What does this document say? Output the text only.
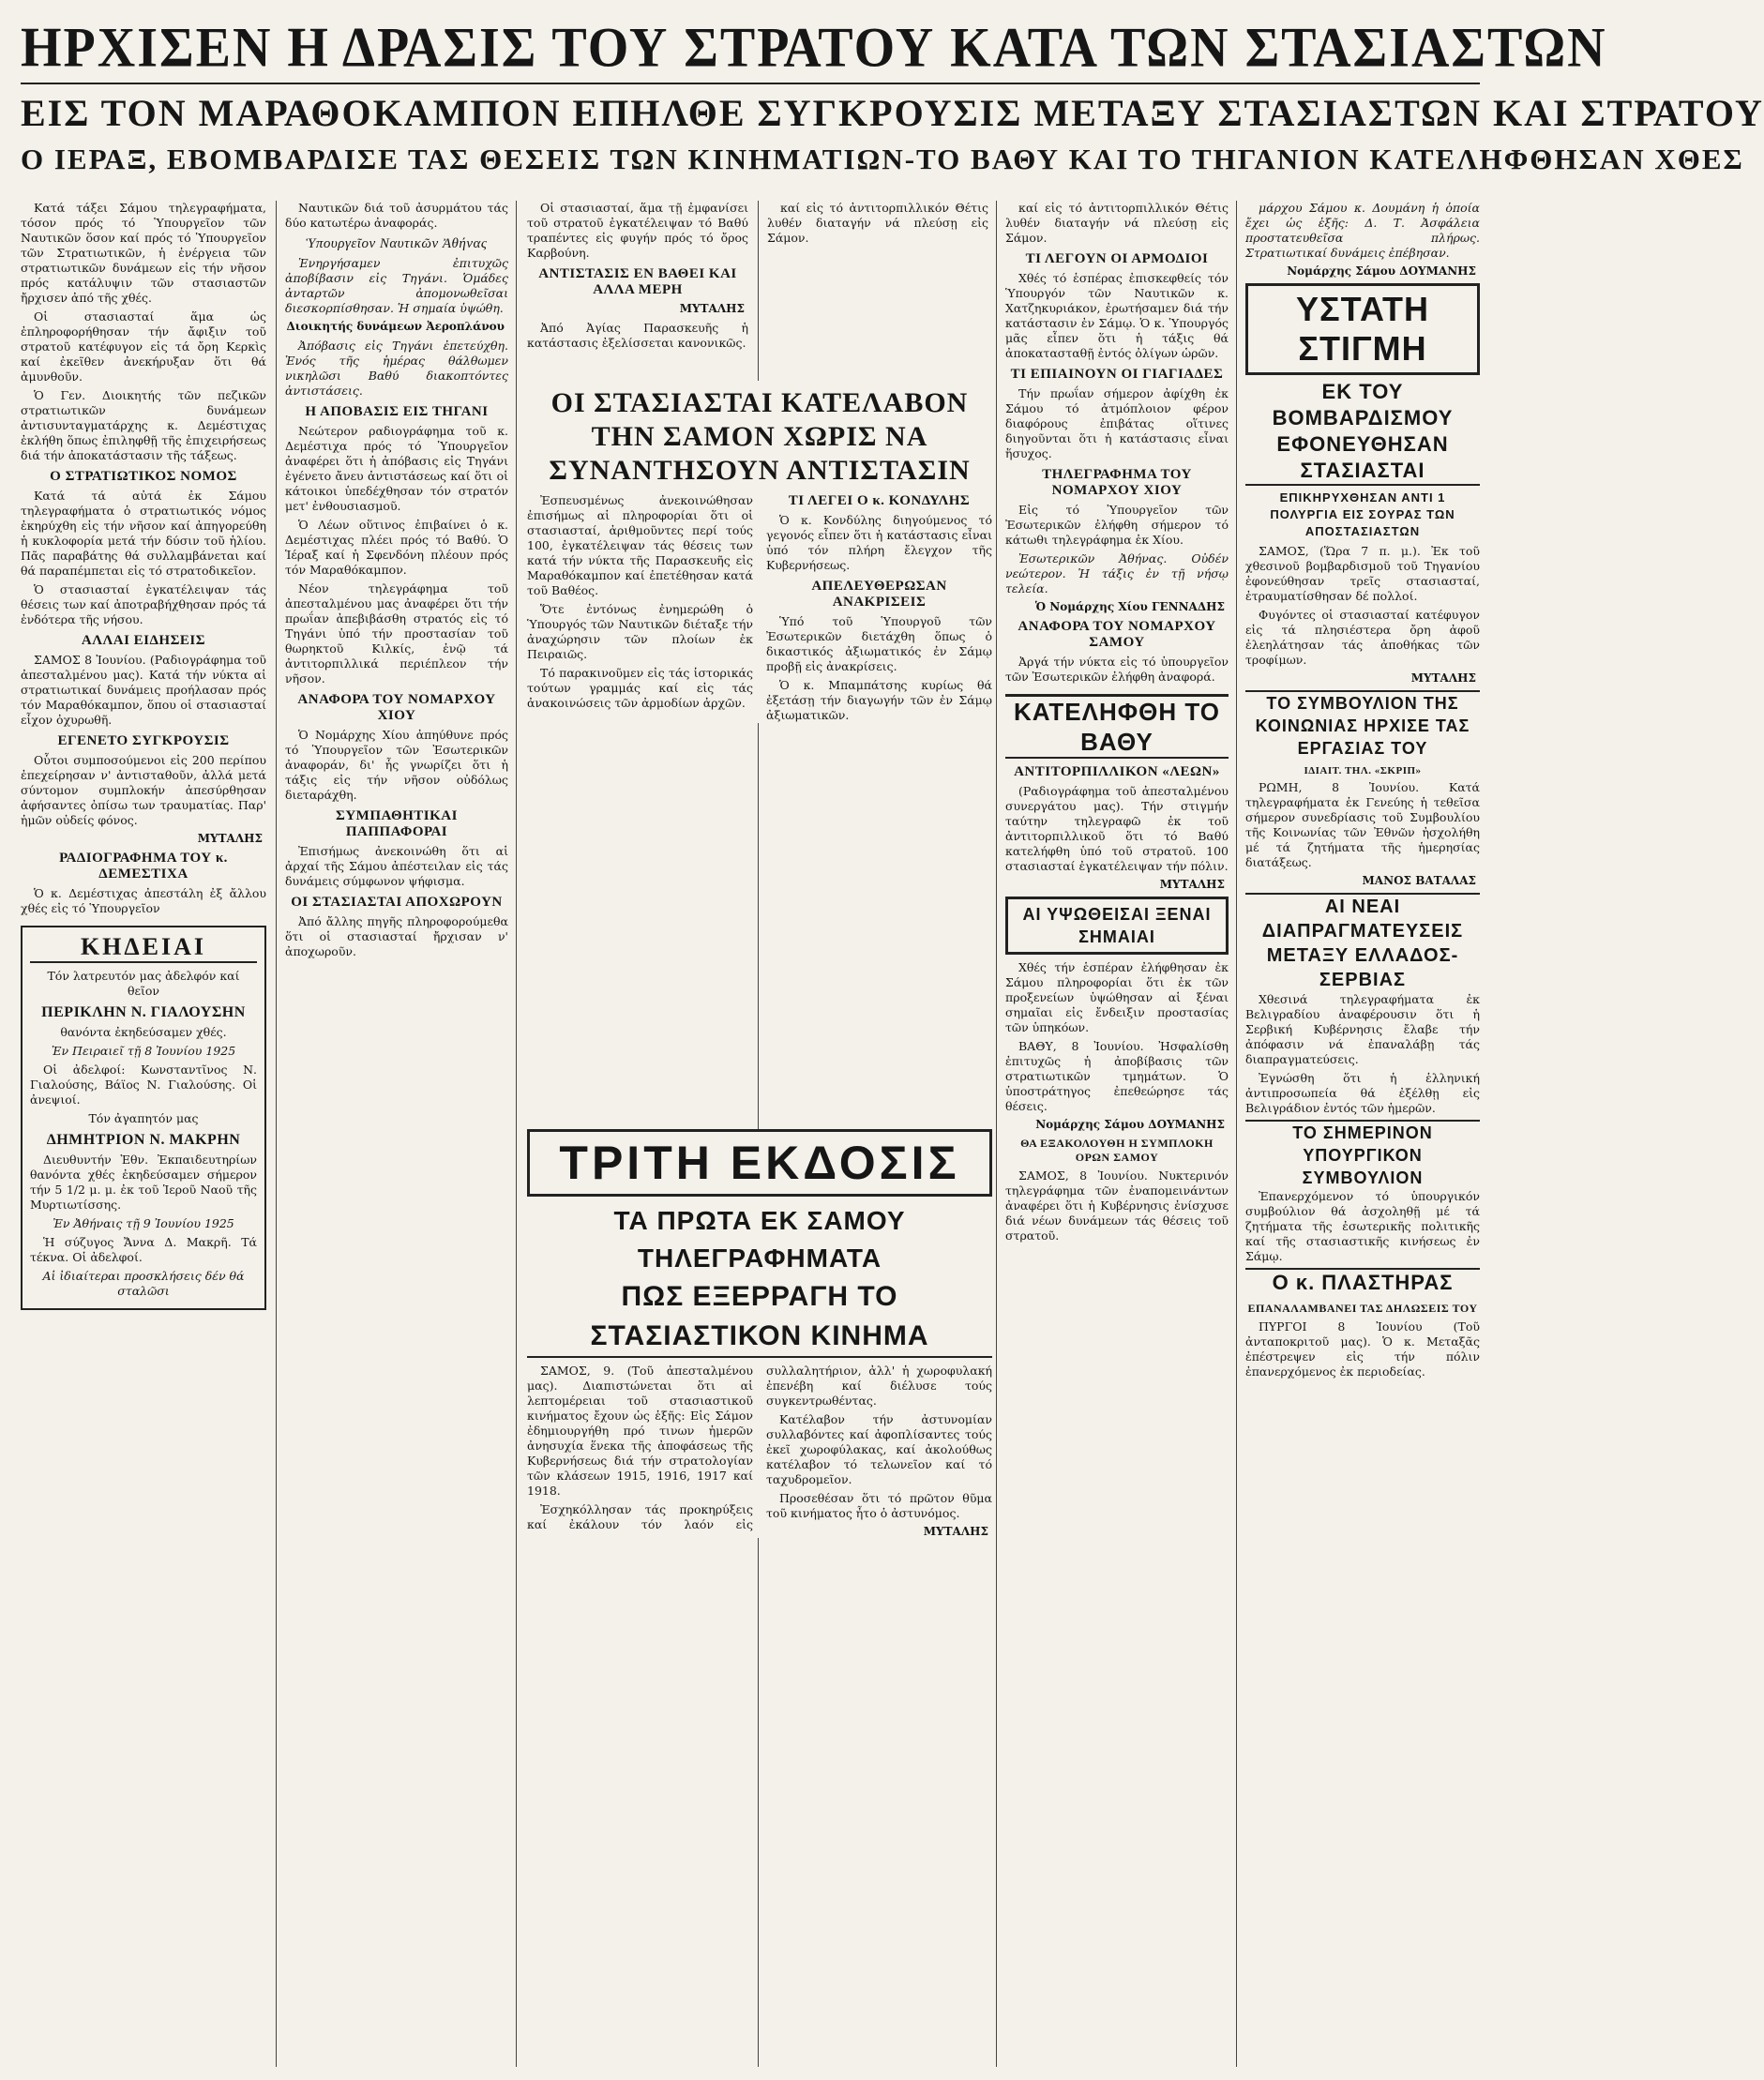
ΗΡΧΙΣΕΝ Η ΔΡΑΣΙΣ ΤΟΥ ΣΤΡΑΤΟΥ ΚΑΤΑ ΤΩΝ ΣΤΑΣΙΑΣΤΩΝ
ΕΙΣ ΤΟΝ ΜΑΡΑΘΟΚΑΜΠΟΝ ΕΠΗΛΘΕ ΣΥΓΚΡΟΥΣΙΣ ΜΕΤΑΞΥ ΣΤΑΣΙΑΣΤΩΝ ΚΑΙ ΣΤΡΑΤΟΥ
Ο ΙΕΡΑΞ, ΕΒΟΜΒΑΡΔΙΣΕ ΤΑΣ ΘΕΣΕΙΣ ΤΩΝ ΚΙΝΗΜΑΤΙΩΝ-ΤΟ ΒΑΘΥ ΚΑΙ ΤΟ ΤΗΓΑΝΙΟΝ ΚΑΤΕΛΗΦΘΗΣΑΝ ΧΘΕΣ

Κατά τάξει Σάμου τηλεγραφήματα, τόσον πρός τό Ὑπουργεῖον τῶν Ναυτικῶν ὅσον καί πρός τό Ὑπουργεῖον τῶν Στρατιωτικῶν, ἡ ἐνέργεια τῶν στρατιωτικῶν δυνάμεων εἰς τήν νῆσον πρός κατάλυψιν τῶν στασιαστῶν ἤρχισεν ἀπό τῆς χθές.

Οἱ στασιασταί ἅμα ὡς ἐπληροφορήθησαν τήν ἄφιξιν τοῦ στρατοῦ κατέφυγον εἰς τά ὄρη Κερκὶς καί ἐκεῖθεν ἀνεκήρυξαν ὅτι θά ἀμυνθοῦν.

Ὁ Γεν. Διοικητής τῶν πεζικῶν στρατιωτικῶν δυνάμεων ἀντισυνταγματάρχης κ. Δεμέστιχας ἐκλήθη ὅπως ἐπιληφθῇ τῆς ἐπιχειρήσεως διά τήν ἀποκατάστασιν τῆς τάξεως.

Ο ΣΤΡΑΤΙΩΤΙΚΟΣ ΝΟΜΟΣ

Κατά τά αὐτά ἐκ Σάμου τηλεγραφήματα ὁ στρατιωτικός νόμος ἐκηρύχθη εἰς τήν νῆσον καί ἀπηγορεύθη ἡ κυκλοφορία μετά τήν δύσιν τοῦ ἡλίου. Πᾶς παραβάτης θά συλλαμβάνεται καί θά παραπέμπεται εἰς τό στρατοδικεῖον.

Ὁ στασιασταί ἐγκατέλειψαν τάς θέσεις των καί ἀποτραβήχθησαν πρός τά ἐνδότερα τῆς νήσου.

ΑΛΛΑΙ ΕΙΔΗΣΕΙΣ

ΣΑΜΟΣ 8 Ἰουνίου. (Ραδιογράφημα τοῦ ἀπεσταλμένου μας). Κατά τήν νύκτα αἱ στρατιωτικαί δυνάμεις προήλασαν πρός τόν Μαραθόκαμπον, ὅπου οἱ στασιασταί εἶχον ὀχυρωθῆ.

ΕΓΕΝΕΤΟ ΣΥΓΚΡΟΥΣΙΣ

Οὗτοι συμποσούμενοι εἰς 200 περίπου ἐπεχείρησαν ν' ἀντισταθοῦν, ἀλλά μετά σύντομον συμπλοκήν ἀπεσύρθησαν ἀφήσαντες ὀπίσω των τραυματίας. Παρ' ἡμῶν οὐδείς φόνος.

ΜΥΤΑΛΗΣ
ΡΑΔΙΟΓΡΑΦΗΜΑ ΤΟΥ κ. ΔΕΜΕΣΤΙΧΑ

Ὁ κ. Δεμέστιχας ἀπεστάλη ἐξ ἄλλου χθές εἰς τό Ὑπουργεῖον

ΚΗΔΕΙΑΙ

Τόν λατρευτόν μας ἀδελφόν καί θεῖον

ΠΕΡΙΚΛΗΝ Ν. ΓΙΑΛΟΥΣΗΝ

θανόντα ἐκηδεύσαμεν χθές.

Ἐν Πειραιεῖ τῇ 8 Ἰουνίου 1925

Οἱ ἀδελφοί: Κωνσταντῖνος Ν. Γιαλούσης, Βάϊος Ν. Γιαλούσης. Οἱ ἀνεψιοί.

Τόν ἀγαπητόν μας

ΔΗΜΗΤΡΙΟΝ Ν. ΜΑΚΡΗΝ

Διευθυντήν Ἑθν. Ἐκπαιδευτηρίων θανόντα χθές ἐκηδεύσαμεν σήμερον τήν 5 1/2 μ. μ. ἐκ τοῦ Ἱεροῦ Ναοῦ τῆς Μυρτιωτίσσης.

Ἐν Ἀθήναις τῇ 9 Ἰουνίου 1925

Ἡ σύζυγος Ἄννα Δ. Μακρῆ. Τά τέκνα. Οἱ ἀδελφοί.

Αἱ ἰδιαίτεραι προσκλήσεις δέν θά σταλῶσι

Ναυτικῶν διά τοῦ ἀσυρμάτου τάς δύο κατωτέρω ἀναφοράς.

Ὑπουργεῖον Ναυτικῶν Ἀθήνας

Ἐνηργήσαμεν ἐπιτυχῶς ἀποβίβασιν εἰς Τηγάνι. Ὁμάδες ἀνταρτῶν ἀπομονωθεῖσαι διεσκορπίσθησαν. Ἡ σημαία ὑψώθη.

Διοικητής δυνάμεων Ἀεροπλάνου

Ἀπόβασις εἰς Τηγάνι ἐπετεύχθη. Ἑνός τῆς ἡμέρας θάλθωμεν νικηλῶσι Βαθύ διακοπτόντες ἀντιστάσεις.

Η ΑΠΟΒΑΣΙΣ ΕΙΣ ΤΗΓΑΝΙ

Νεώτερον ραδιογράφημα τοῦ κ. Δεμέστιχα πρός τό Ὑπουργεῖον ἀναφέρει ὅτι ἡ ἀπόβασις εἰς Τηγάνι ἐγένετο ἄνευ ἀντιστάσεως καί ὅτι οἱ κάτοικοι ὑπεδέχθησαν τόν στρατόν μετ' ἐνθουσιασμοῦ.

Ὁ Λέων οὕτινος ἐπιβαίνει ὁ κ. Δεμέστιχας πλέει πρός τό Βαθύ. Ὁ Ἱέραξ καί ἡ Σφενδόνη πλέουν πρός τόν Μαραθόκαμπον.

Νέον τηλεγράφημα τοῦ ἀπεσταλμένου μας ἀναφέρει ὅτι τήν πρωΐαν ἀπεβιβάσθη στρατός εἰς τό Τηγάνι ὑπό τήν προστασίαν τοῦ θωρηκτοῦ Κιλκίς, ἐνῷ τά ἀντιτορπιλλικά περιέπλεον τήν νῆσον.

ΑΝΑΦΟΡΑ ΤΟΥ ΝΟΜΑΡΧΟΥ ΧΙΟΥ

Ὁ Νομάρχης Χίου ἀπηύθυνε πρός τό Ὑπουργεῖον τῶν Ἐσωτερικῶν ἀναφοράν, δι' ἧς γνωρίζει ὅτι ἡ τάξις εἰς τήν νῆσον οὐδόλως διεταράχθη.

ΣΥΜΠΑΘΗΤΙΚΑΙ ΠΑΠΠΑΦΟΡΑΙ

Ἐπισήμως ἀνεκοινώθη ὅτι αἱ ἀρχαί τῆς Σάμου ἀπέστειλαν εἰς τάς δυνάμεις σύμφωνον ψήφισμα.

ΟΙ ΣΤΑΣΙΑΣΤΑΙ ΑΠΟΧΩΡΟΥΝ

Ἀπό ἄλλης πηγῆς πληροφορούμεθα ὅτι οἱ στασιασταί ἤρχισαν ν' ἀποχωροῦν.

Οἱ στασιασταί, ἅμα τῇ ἐμφανίσει τοῦ στρατοῦ ἐγκατέλειψαν τό Βαθύ τραπέντες εἰς φυγήν πρός τό ὄρος Καρβούνη.

ΑΝΤΙΣΤΑΣΙΣ ΕΝ ΒΑΘΕΙ ΚΑΙ ΑΛΛΑ ΜΕΡΗ
ΜΥΤΑΛΗΣ

Ἀπό Ἀγίας Παρασκευῆς ἡ κατάστασις ἐξελίσσεται κανονικῶς.

ΟΙ ΣΤΑΣΙΑΣΤΑΙ ΚΑΤΕΛΑΒΟΝ ΤΗΝ ΣΑΜΟΝ ΧΩΡΙΣ ΝΑ ΣΥΝΑΝΤΗΣΟΥΝ ΑΝΤΙΣΤΑΣΙΝ

Ἐσπευσμένως ἀνεκοινώθησαν ἐπισήμως αἱ πληροφορίαι ὅτι οἱ στασιασταί, ἀριθμοῦντες περί τούς 100, ἐγκατέλειψαν τάς θέσεις των κατά τήν νύκτα τῆς Παρασκευῆς εἰς Μαραθόκαμπον καί ἐπετέθησαν κατά τοῦ Βαθέος.

Ὅτε ἐντόνως ἐνημερώθη ὁ Ὑπουργός τῶν Ναυτικῶν διέταξε τήν ἀναχώρησιν τῶν πλοίων ἐκ Πειραιῶς.

Τό παρακινοῦμεν εἰς τάς ἱστορικάς τούτων γραμμάς καί εἰς τάς ἀνακοινώσεις τῶν ἀρμοδίων ἀρχῶν.

ΤΙ ΛΕΓΕΙ Ο κ. ΚΟΝΔΥΛΗΣ

Ὁ κ. Κονδύλης διηγούμενος τό γεγονός εἶπεν ὅτι ἡ κατάστασις εἶναι ὑπό τόν πλήρη ἔλεγχον τῆς Κυβερνήσεως.

ΑΠΕΛΕΥΘΕΡΩΣΑΝ ΑΝΑΚΡΙΣΕΙΣ

Ὑπό τοῦ Ὑπουργοῦ τῶν Ἐσωτερικῶν διετάχθη ὅπως ὁ δικαστικός ἀξιωματικός ἐν Σάμῳ προβῇ εἰς ἀνακρίσεις.

Ὁ κ. Μπαμπάτσης κυρίως θά ἐξετάσῃ τήν διαγωγήν τῶν ἐν Σάμῳ ἀξιωματικῶν.

καί εἰς τό ἀντιτορπιλλικόν Θέτις λυθέν διαταγήν νά πλεύσῃ εἰς Σάμον.

ΤΡΙΤΗ ΕΚΔΟΣΙΣ
ΤΑ ΠΡΩΤΑ ΕΚ ΣΑΜΟΥ ΤΗΛΕΓΡΑΦΗΜΑΤΑ
ΠΩΣ ΕΞΕΡΡΑΓΗ ΤΟ ΣΤΑΣΙΑΣΤΙΚΟΝ ΚΙΝΗΜΑ

ΣΑΜΟΣ, 9. (Τοῦ ἀπεσταλμένου μας). Διαπιστώνεται ὅτι αἱ λεπτομέρειαι τοῦ στασιαστικοῦ κινήματος ἔχουν ὡς ἑξῆς: Εἰς Σάμον ἐδημιουργήθη πρό τινων ἡμερῶν ἀνησυχία ἕνεκα τῆς ἀποφάσεως τῆς Κυβερνήσεως διά τήν στρατολογίαν τῶν κλάσεων 1915, 1916, 1917 καί 1918.

Ἐσχηκόλλησαν τάς προκηρύξεις καί ἐκάλουν τόν λαόν εἰς συλλαλητήριον, ἀλλ' ἡ χωροφυλακή ἐπενέβη καί διέλυσε τούς συγκεντρωθέντας.

Κατέλαβον τήν ἀστυνομίαν συλλαβόντες καί ἀφοπλίσαντες τούς ἐκεῖ χωροφύλακας, καί ἀκολούθως κατέλαβον τό τελωνεῖον καί τό ταχυδρομεῖον.

Προσεθέσαν ὅτι τό πρῶτον θῦμα τοῦ κινήματος ἦτο ὁ ἀστυνόμος.

ΜΥΤΑΛΗΣ

καί εἰς τό ἀντιτορπιλλικόν Θέτις λυθέν διαταγήν νά πλεύσῃ εἰς Σάμον.

ΤΙ ΛΕΓΟΥΝ ΟΙ ΑΡΜΟΔΙΟΙ

Χθές τό ἑσπέρας ἐπισκεφθείς τόν Ὑπουργόν τῶν Ναυτικῶν κ. Χατζηκυριάκον, ἐρωτήσαμεν διά τήν κατάστασιν ἐν Σάμῳ. Ὁ κ. Ὑπουργός μᾶς εἶπεν ὅτι ἡ τάξις θά ἀποκατασταθῇ ἐντός ὀλίγων ὡρῶν.

ΤΙ ΕΠΙΑΙΝΟΥΝ ΟΙ ΓΙΑΓΙΑΔΕΣ

Τήν πρωΐαν σήμερον ἀφίχθη ἐκ Σάμου τό ἀτμόπλοιον φέρον διαφόρους ἐπιβάτας οἵτινες διηγοῦνται ὅτι ἡ κατάστασις εἶναι ἥσυχος.

ΤΗΛΕΓΡΑΦΗΜΑ ΤΟΥ ΝΟΜΑΡΧΟΥ ΧΙΟΥ

Εἰς τό Ὑπουργεῖον τῶν Ἐσωτερικῶν ἐλήφθη σήμερον τό κάτωθι τηλεγράφημα ἐκ Χίου.

Ἐσωτερικῶν Ἀθήνας. Οὐδέν νεώτερον. Ἡ τάξις ἐν τῇ νήσῳ τελεία.

Ὁ Νομάρχης Χίου ΓΕΝΝΑΔΗΣ
ΑΝΑΦΟΡΑ ΤΟΥ ΝΟΜΑΡΧΟΥ ΣΑΜΟΥ

Ἀργά τήν νύκτα εἰς τό ὑπουργεῖον τῶν Ἐσωτερικῶν ἐλήφθη ἀναφορά.

ΚΑΤΕΛΗΦΘΗ ΤΟ ΒΑΘΥ
ΑΝΤΙΤΟΡΠΙΛΛΙΚΟΝ «ΛΕΩΝ»

(Ραδιογράφημα τοῦ ἀπεσταλμένου συνεργάτου μας). Τήν στιγμήν ταύτην τηλεγραφῶ ἐκ τοῦ ἀντιτορπιλλικοῦ ὅτι τό Βαθύ κατελήφθη ὑπό τοῦ στρατοῦ. 100 στασιασταί ἐγκατέλειψαν τήν πόλιν.

ΜΥΤΑΛΗΣ
ΑΙ ΥΨΩΘΕΙΣΑΙ ΞΕΝΑΙ ΣΗΜΑΙΑΙ

Χθές τήν ἑσπέραν ἐλήφθησαν ἐκ Σάμου πληροφορίαι ὅτι ἐκ τῶν προξενείων ὑψώθησαν αἱ ξέναι σημαῖαι εἰς ἔνδειξιν προστασίας τῶν ὑπηκόων.

ΒΑΘΥ, 8 Ἰουνίου. Ἠσφαλίσθη ἐπιτυχῶς ἡ ἀποβίβασις τῶν στρατιωτικῶν τμημάτων. Ὁ ὑποστράτηγος ἐπεθεώρησε τάς θέσεις.

Νομάρχης Σάμου ΔΟΥΜΑΝΗΣ
ΘΑ ΕΞΑΚΟΛΟΥΘΗ Η ΣΥΜΠΛΟΚΗ ΟΡΩΝ ΣΑΜΟΥ

ΣΑΜΟΣ, 8 Ἰουνίου. Νυκτερινόν τηλεγράφημα τῶν ἐναπομεινάντων ἀναφέρει ὅτι ἡ Κυβέρνησις ἐνίσχυσε διά νέων δυνάμεων τάς θέσεις τοῦ στρατοῦ.

μάρχου Σάμου κ. Δουμάνη ἡ ὁποία ἔχει ὡς ἑξῆς: Δ. Τ. Ἀσφάλεια προστατευθεῖσα πλήρως. Στρατιωτικαί δυνάμεις ἐπέβησαν.

Νομάρχης Σάμου ΔΟΥΜΑΝΗΣ
ΥΣΤΑΤΗ ΣΤΙΓΜΗ
ΕΚ ΤΟΥ ΒΟΜΒΑΡΔΙΣΜΟΥ ΕΦΟΝΕΥΘΗΣΑΝ ΣΤΑΣΙΑΣΤΑΙ
ΕΠΙΚΗΡΥΧΘΗΣΑΝ ΑΝΤΙ 1 ΠΟΛΥΡΓΙΑ ΕΙΣ ΣΟΥΡΑΣ ΤΩΝ ΑΠΟΣΤΑΣΙΑΣΤΩΝ

ΣΑΜΟΣ, (Ὥρα 7 π. μ.). Ἐκ τοῦ χθεσινοῦ βομβαρδισμοῦ τοῦ Τηγανίου ἐφονεύθησαν τρεῖς στασιασταί, ἐτραυματίσθησαν δέ πολλοί.

Φυγόντες οἱ στασιασταί κατέφυγον εἰς τά πλησιέστερα ὄρη ἀφοῦ ἐλεηλάτησαν τάς ἀποθήκας τῶν τροφίμων.

ΜΥΤΑΛΗΣ
ΤΟ ΣΥΜΒΟΥΛΙΟΝ ΤΗΣ ΚΟΙΝΩΝΙΑΣ ΗΡΧΙΣΕ ΤΑΣ ΕΡΓΑΣΙΑΣ ΤΟΥ
ΙΔΙΑΙΤ. ΤΗΛ. «ΣΚΡΙΠ»

ΡΩΜΗ, 8 Ἰουνίου. Κατά τηλεγραφήματα ἐκ Γενεύης ἡ τεθεῖσα σήμερον συνεδρίασις τοῦ Συμβουλίου τῆς Κοινωνίας τῶν Ἐθνῶν ἠσχολήθη μέ τά ζητήματα τῆς ἡμερησίας διατάξεως.

ΜΑΝΟΣ ΒΑΤΑΛΑΣ
ΑΙ ΝΕΑΙ ΔΙΑΠΡΑΓΜΑΤΕΥΣΕΙΣ ΜΕΤΑΞΥ ΕΛΛΑΔΟΣ-ΣΕΡΒΙΑΣ

Χθεσινά τηλεγραφήματα ἐκ Βελιγραδίου ἀναφέρουσιν ὅτι ἡ Σερβική Κυβέρνησις ἔλαβε τήν ἀπόφασιν νά ἐπαναλάβῃ τάς διαπραγματεύσεις.

Ἐγνώσθη ὅτι ἡ ἑλληνική ἀντιπροσωπεία θά ἐξέλθῃ εἰς Βελιγράδιον ἐντός τῶν ἡμερῶν.

ΤΟ ΣΗΜΕΡΙΝΟΝ ΥΠΟΥΡΓΙΚΟΝ ΣΥΜΒΟΥΛΙΟΝ

Ἐπανερχόμενον τό ὑπουργικόν συμβούλιον θά ἀσχοληθῇ μέ τά ζητήματα τῆς ἐσωτερικῆς πολιτικῆς καί τῆς στασιαστικῆς κινήσεως ἐν Σάμῳ.

Ο κ. ΠΛΑΣΤΗΡΑΣ
ΕΠΑΝΑΛΑΜΒΑΝΕΙ ΤΑΣ ΔΗΛΩΣΕΙΣ ΤΟΥ

ΠΥΡΓΟΙ 8 Ἰουνίου (Τοῦ ἀνταποκριτοῦ μας). Ὁ κ. Μεταξᾶς ἐπέστρεψεν εἰς τήν πόλιν ἐπανερχόμενος ἐκ περιοδείας.
